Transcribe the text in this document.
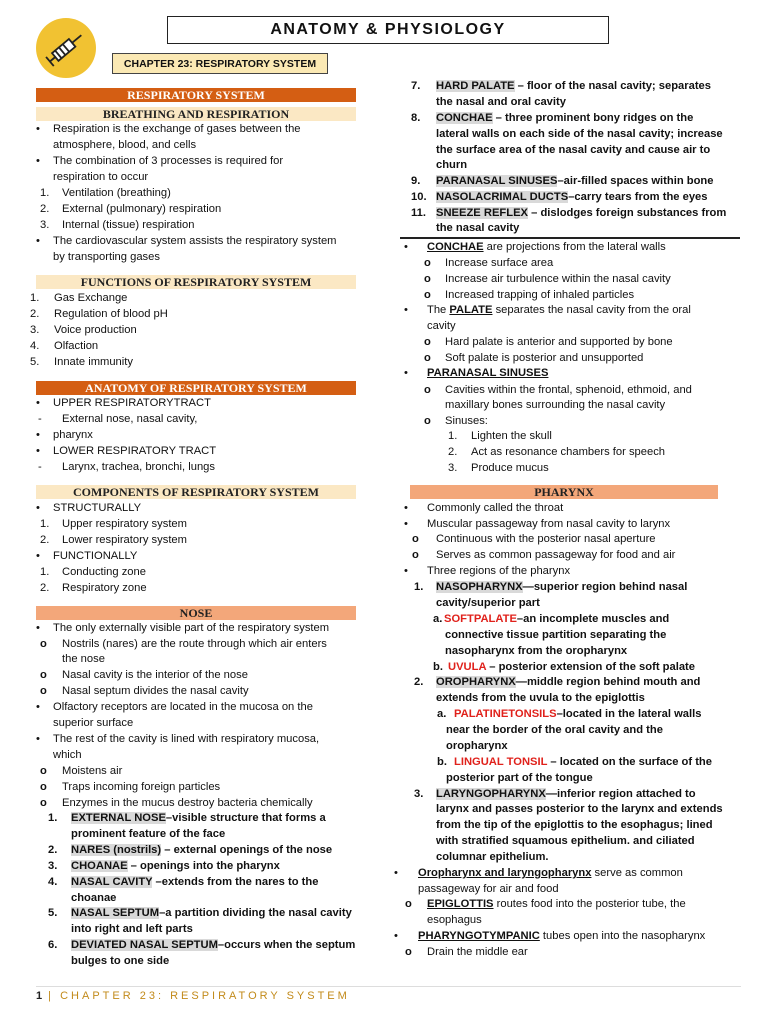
ANATOMY & PHYSIOLOGY
CHAPTER 23: RESPIRATORY SYSTEM
RESPIRATORY SYSTEM
BREATHING AND RESPIRATION
•	Respiration is the exchange of gases between the
atmosphere, blood, and cells
•	The combination of 3 processes is required for
respiration to occur
1.	Ventilation (breathing)
2.	External (pulmonary) respiration
3.	Internal (tissue) respiration
•	The cardiovascular system assists the respiratory system
by transporting gases
FUNCTIONS OF RESPIRATORY SYSTEM
1.	Gas Exchange
2.	Regulation of blood pH
3.	Voice production
4.	Olfaction
5.	Innate immunity
ANATOMY OF RESPIRATORY SYSTEM
•	UPPER RESPIRATORYTRACT
-	External nose, nasal cavity,
•	pharynx
•	LOWER RESPIRATORY TRACT
-	Larynx, trachea, bronchi, lungs
COMPONENTS OF RESPIRATORY SYSTEM
•	STRUCTURALLY
1.	Upper respiratory system
2.	Lower respiratory system
•	FUNCTIONALLY
1.	Conducting zone
2.	Respiratory zone
NOSE
•	The only externally visible part of the respiratory system
o	Nostrils (nares) are the route through which air enters
the nose
o	Nasal cavity is the interior of the nose
o	Nasal septum divides the nasal cavity
•	Olfactory receptors are located in the mucosa on the
superior surface
•	The rest of the cavity is lined with respiratory mucosa,
which
o	Moistens air
o	Traps incoming foreign particles
o	Enzymes in the mucus destroy bacteria chemically
1.	EXTERNAL NOSE–visible structure that forms a
prominent feature of the face
2.	NARES (nostrils) – external openings of the nose
3.	CHOANAE – openings into the pharynx
4.	NASAL CAVITY –extends from the nares to the
choanae
5.	NASAL SEPTUM–a partition dividing the nasal cavity
into right and left parts
6.	DEVIATED NASAL SEPTUM–occurs when the septum
bulges to one side
7.	HARD PALATE – floor of the nasal cavity; separates
the nasal and oral cavity
8.	CONCHAE – three prominent bony ridges on the
lateral walls on each side of the nasal cavity; increase
the surface area of the nasal cavity and cause air to
churn
9.	PARANASAL SINUSES–air-filled spaces within bone
10. NASOLACRIMAL DUCTS–carry tears from the eyes
11. SNEEZE REFLEX – dislodges foreign substances from
the nasal cavity
•	CONCHAE are projections from the lateral walls
o	Increase surface area
o	Increase air turbulence within the nasal cavity
o	Increased trapping of inhaled particles
•	The PALATE separates the nasal cavity from the oral
cavity
o	Hard palate is anterior and supported by bone
o	Soft palate is posterior and unsupported
•	PARANASAL SINUSES
o	Cavities within the frontal, sphenoid, ethmoid, and
maxillary bones surrounding the nasal cavity
o	Sinuses:
1.	Lighten the skull
2.	Act as resonance chambers for speech
3.	Produce mucus
PHARYNX
•	Commonly called the throat
•	Muscular passageway from nasal cavity to larynx
o	Continuous with the posterior nasal aperture
o	Serves as common passageway for food and air
•	Three regions of the pharynx
1.	NASOPHARYNX—superior region behind nasal
cavity/superior part
a. SOFTPALATE–an incomplete muscles and
connective tissue partition separating the
nasopharynx from the oropharynx
b. UVULA – posterior extension of the soft palate
2.	OROPHARYNX—middle region behind mouth and
extends from the uvula to the epiglottis
a. PALATINETONSILS–located in the lateral walls
near the border of the oral cavity and the
oropharynx
b. LINGUAL TONSIL – located on the surface of the
posterior part of the tongue
3.	LARYNGOPHARYNX—inferior region attached to
larynx and passes posterior to the larynx and extends
from the tip of the epiglottis to the esophagus; lined
with stratified squamous epithelium. and ciliated
columnar epithelium.
•	Oropharynx and laryngopharynx serve as common
passageway for air and food
o	EPIGLOTTIS routes food into the posterior tube, the
esophagus
•	PHARYNGOTYMPANIC tubes open into the nasopharynx
o	Drain the middle ear
1 | CHAPTER 23: RESPIRATORY SYSTEM
